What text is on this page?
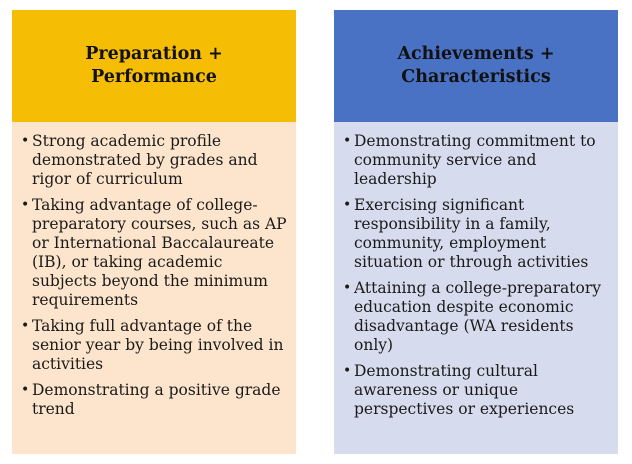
Preparation +
Performance
• Strong academic profile demonstrated by grades and rigor of curriculum
• Taking advantage of college-preparatory courses, such as AP or International Baccalaureate (IB), or taking academic subjects beyond the minimum requirements
• Taking full advantage of the senior year by being involved in activities
• Demonstrating a positive grade trend
Achievements +
Characteristics
• Demonstrating commitment to community service and leadership
• Exercising significant responsibility in a family, community, employment situation or through activities
• Attaining a college-preparatory education despite economic disadvantage (WA residents only)
• Demonstrating cultural awareness or unique perspectives or experiences
